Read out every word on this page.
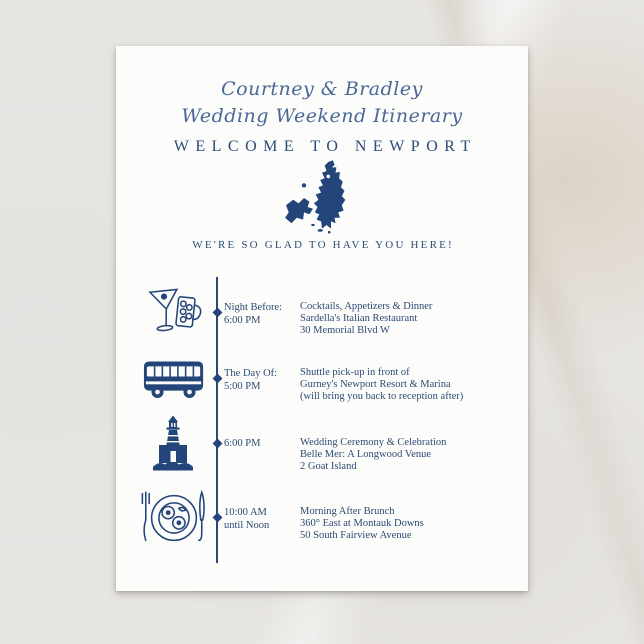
Courtney & Bradley
Wedding Weekend Itinerary
WELCOME TO NEWPORT
WE'RE SO GLAD TO HAVE YOU HERE!
Night Before:
6:00 PM
Cocktails, Appetizers & Dinner
Sardella's Italian Restaurant
30 Memorial Blvd W
The Day Of:
5:00 PM
Shuttle pick-up in front of
Gurney's Newport Resort & Marina
(will bring you back to reception after)
6:00 PM	Wedding Ceremony & Celebration
Belle Mer: A Longwood Venue
2 Goat Island
10:00 AM
until Noon
Morning After Brunch
360° East at Montauk Downs
50 South Fairview Avenue
